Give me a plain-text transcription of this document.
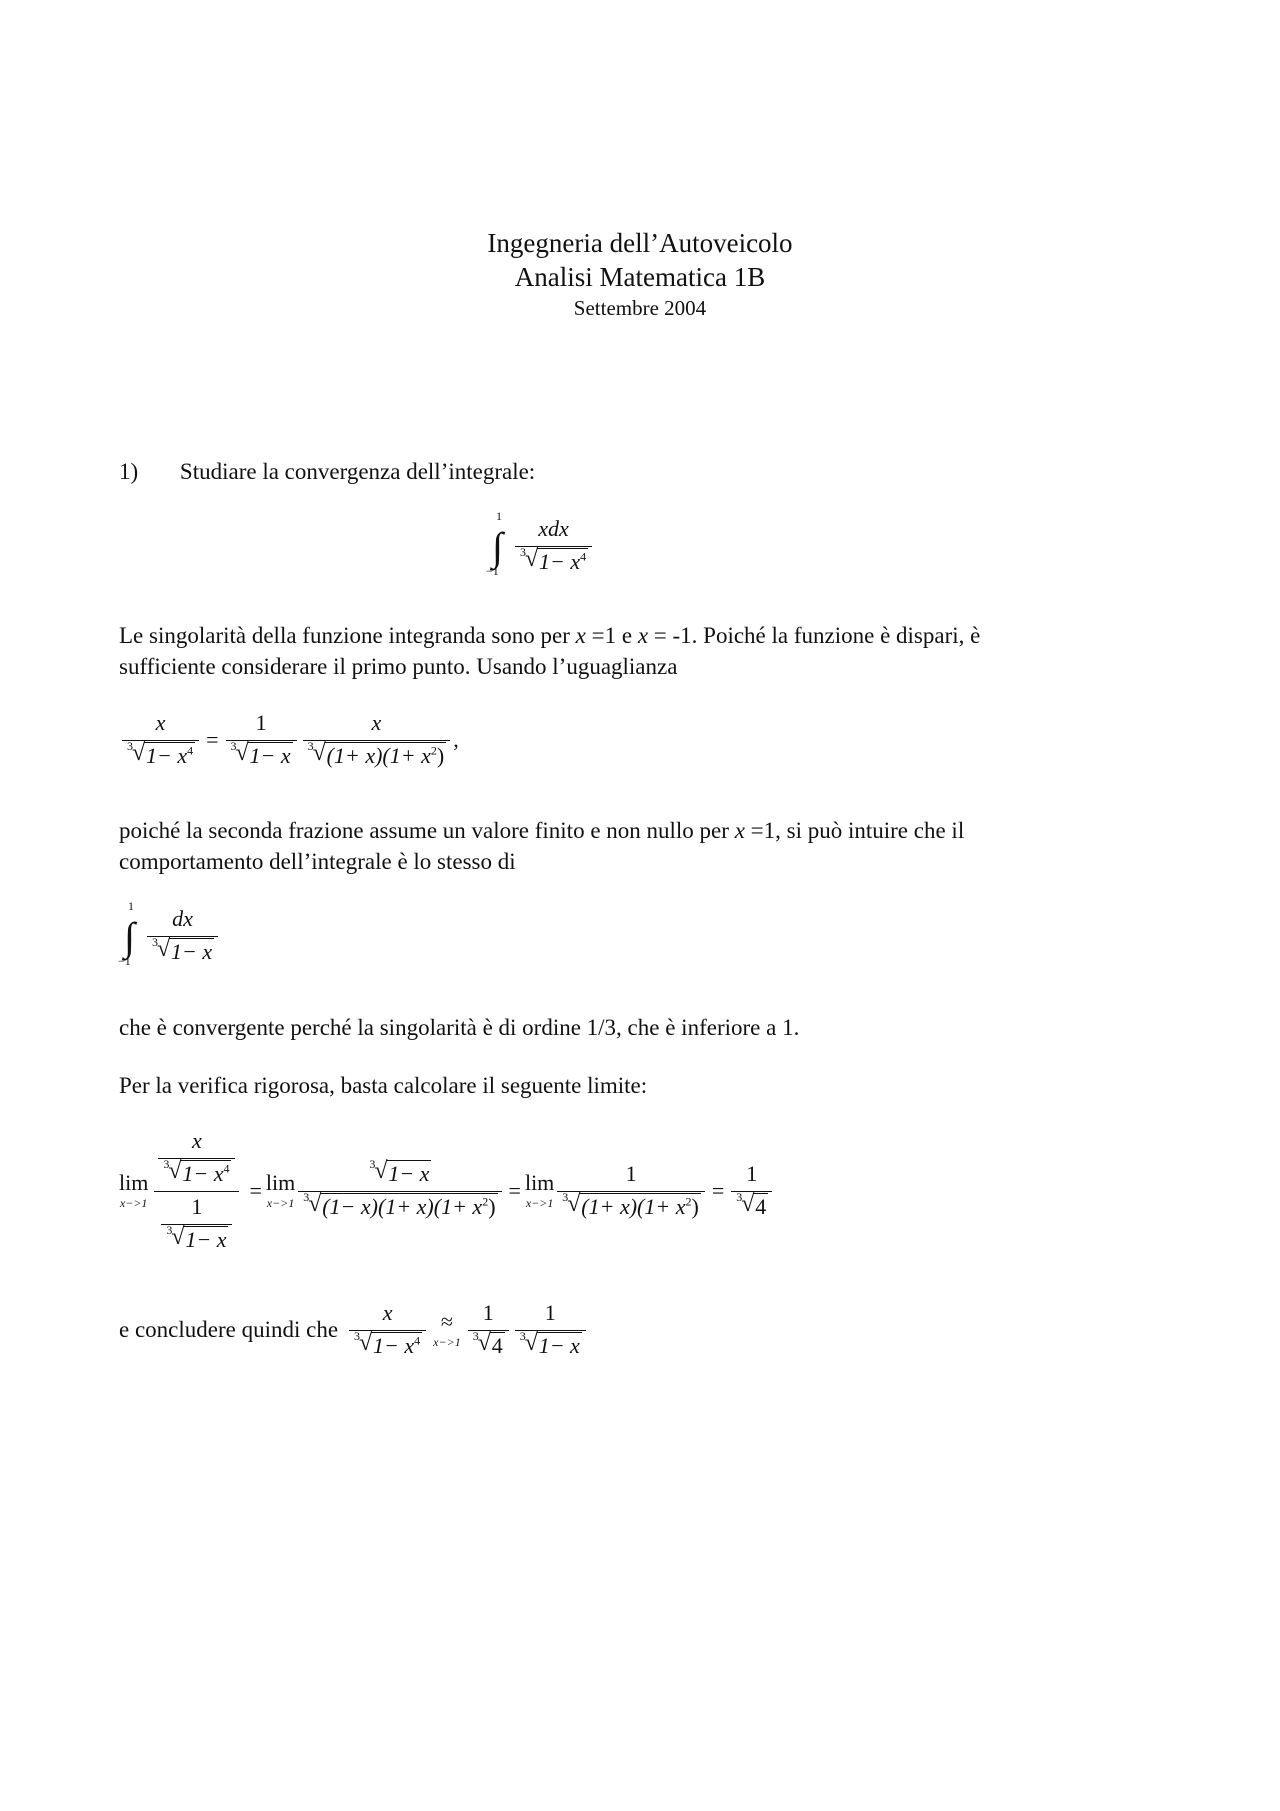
Ingegneria dell’Autoveicolo
Analisi Matematica 1B
Settembre 2004
1) Studiare la convergenza dell’integrale:
1
∫
$-1 \frac{\text{xdx}}{3 √ 1- x^4}$
Le singolarità della funzione integranda sono per x =1 e x = -1. Poiché la funzione è dispari, è
sufficiente considerare il primo punto. Usando l’uguaglianza
$\frac{x}{3 √ 1- x^4} = \frac{1}{3 √ 1- x} \frac{x}{3 √ (1+ x)(1+ x^2)}$ ,
poiché la seconda frazione assume un valore finito e non nullo per x =1, si può intuire che il
comportamento dell’integrale è lo stesso di
1
∫
$-1 \frac{dx}{3 √ 1- x}$
che è convergente perché la singolarità è di ordine 1/3, che è inferiore a 1.
Per la verifica rigorosa, basta calcolare il seguente limite:
lim
$x->1 \frac{\frac{x}{3 √ 1- x^4}}{\frac{1}{3 √ 1- x}} = \lim$
$x->1 \frac{3 √ 1- x}{3 √ (1- x)(1+ x)(1+ x^2)} = \lim$
$x->1 \frac{1}{3 √ (1+ x)(1+ x^2)} = \frac{1}{3 √ 4}$
e concludere quindi che $\frac{x}{3 √ 1- x^4}$ ≈
$x->1 \frac{1}{3 √ 4} \frac{1}{3 √ 1- x}$
